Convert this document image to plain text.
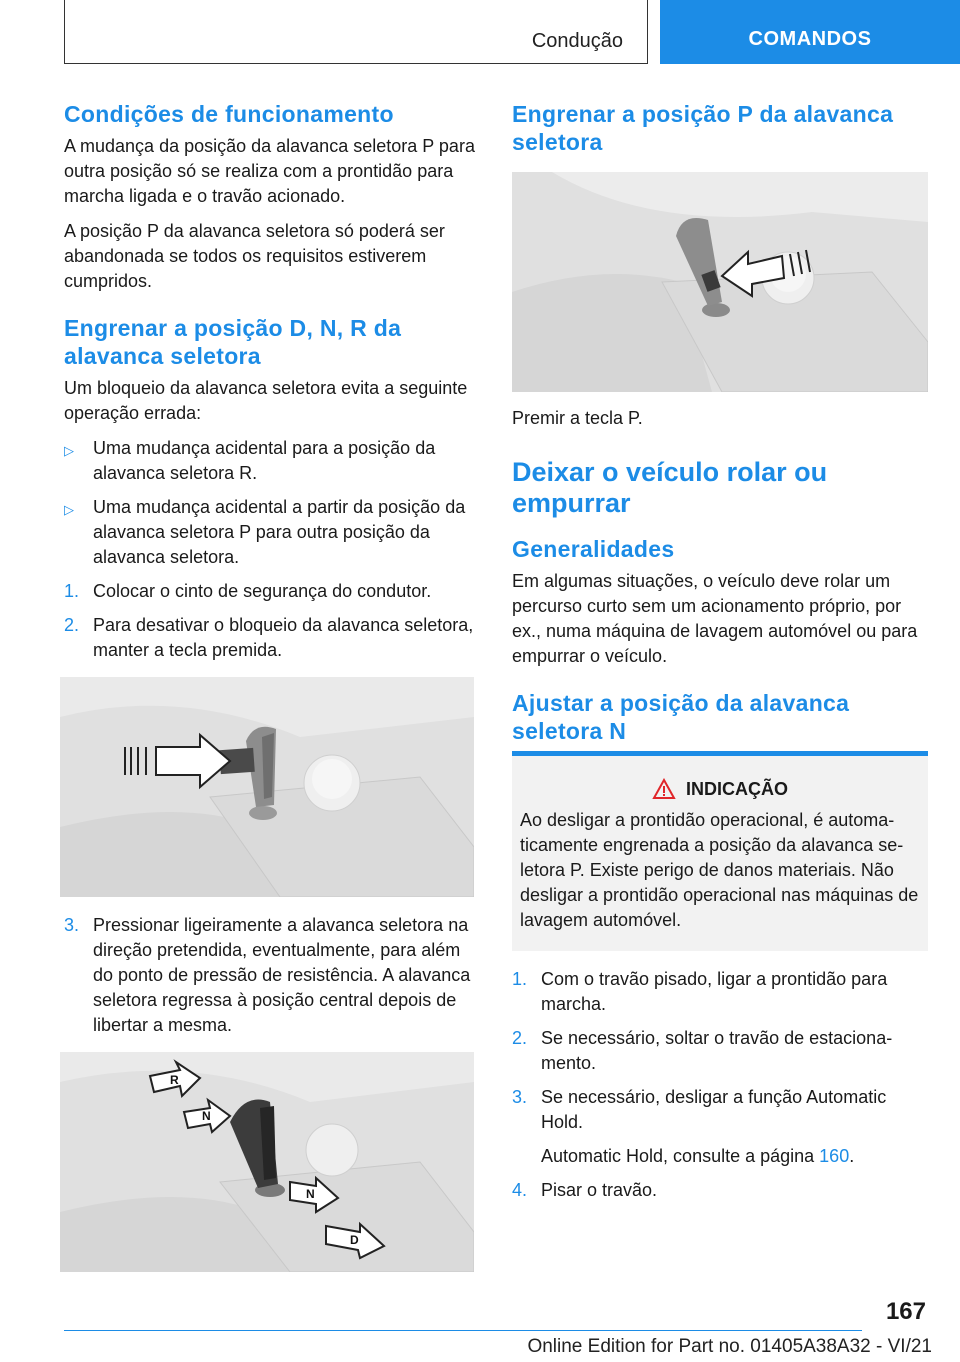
Condução	COMANDOS
Condições de funcionamento

A mudança da posição da alavanca seletora P para outra posição só se realiza com a prontidão para marcha ligada e o travão acionado.

A posição P da alavanca seletora só poderá ser abandonada se todos os requisitos estiverem cumpridos.

Engrenar a posição D, N, R da alavanca seletora

Um bloqueio da alavanca seletora evita a seguinte operação errada:

▷	Uma mudança acidental para a posição da alavanca seletora R.
▷	Uma mudança acidental a partir da posição da alavanca seletora P para outra posição da alavanca seletora.
1. Colocar o cinto de segurança do condutor.
2. Para desativar o bloqueio da alavanca seletora, manter a tecla premida.
3. Pressionar ligeiramente a alavanca seletora na direção pretendida, eventualmente, para além do ponto de pressão de resistência. A alavanca seletora regressa à posição central depois de libertar a mesma.
R
N
N
D
Engrenar a posição P da alavanca seletora

Premir a tecla P.

Deixar o veículo rolar ou empurrar
Generalidades

Em algumas situações, o veículo deve rolar um percurso curto sem um acionamento próprio, por ex., numa máquina de lavagem automóvel ou para empurrar o veículo.

Ajustar a posição da alavanca seletora N
INDICAÇÃO

Ao desligar a prontidão operacional, é automaticamente engrenada a posição da alavanca seletora P. Existe perigo de danos materiais. Não desligar a prontidão operacional nas máquinas de lavagem automóvel.

1. Com o travão pisado, ligar a prontidão para marcha.
2. Se necessário, soltar o travão de estacionamento.
3. Se necessário, desligar a função Automatic Hold.
Automatic Hold, consulte a página 160.
4. Pisar o travão.
167
Online Edition for Part no. 01405A38A32 - VI/21
